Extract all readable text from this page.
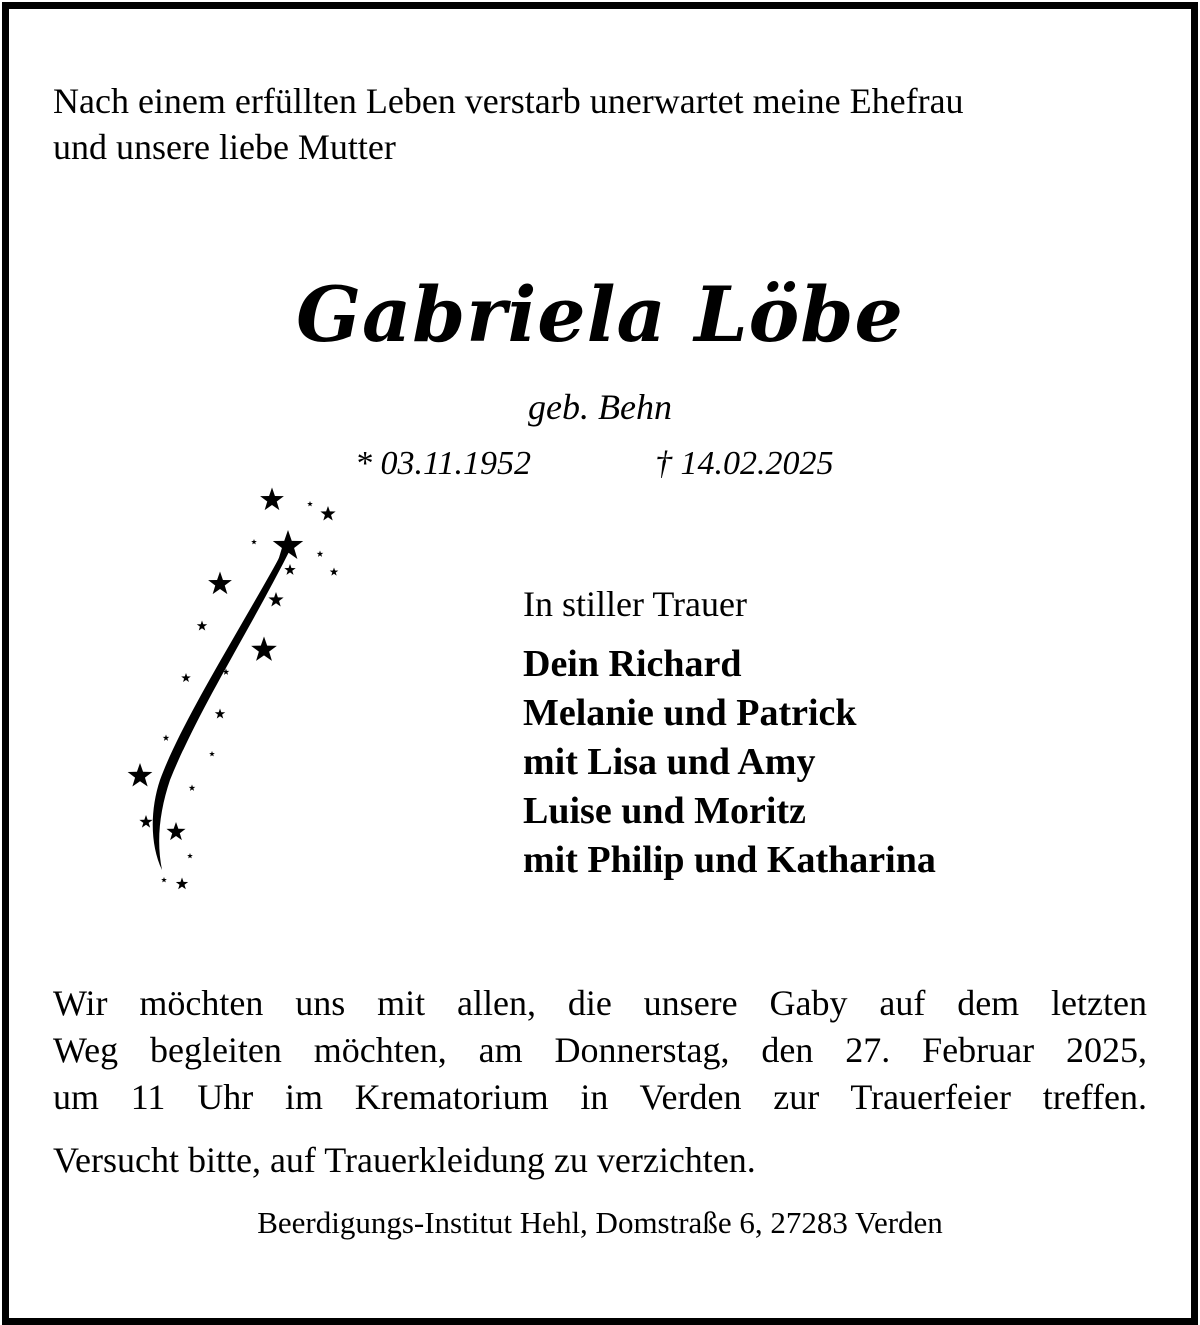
Nach einem erfüllten Leben verstarb unerwartet meine Ehefrau
und unsere liebe Mutter
Gabriela Löbe
geb. Behn
* 03.11.1952	† 14.02.2025
In stiller Trauer
Dein Richard
Melanie und Patrick
mit Lisa und Amy
Luise und Moritz
mit Philip und Katharina
Wir möchten uns mit allen, die unsere Gaby auf dem letzten
Weg begleiten möchten, am Donnerstag, den 27. Februar 2025,
um 11 Uhr im Krematorium in Verden zur Trauerfeier treffen.
Versucht bitte, auf Trauerkleidung zu verzichten.
Beerdigungs-Institut Hehl, Domstraße 6, 27283 Verden
